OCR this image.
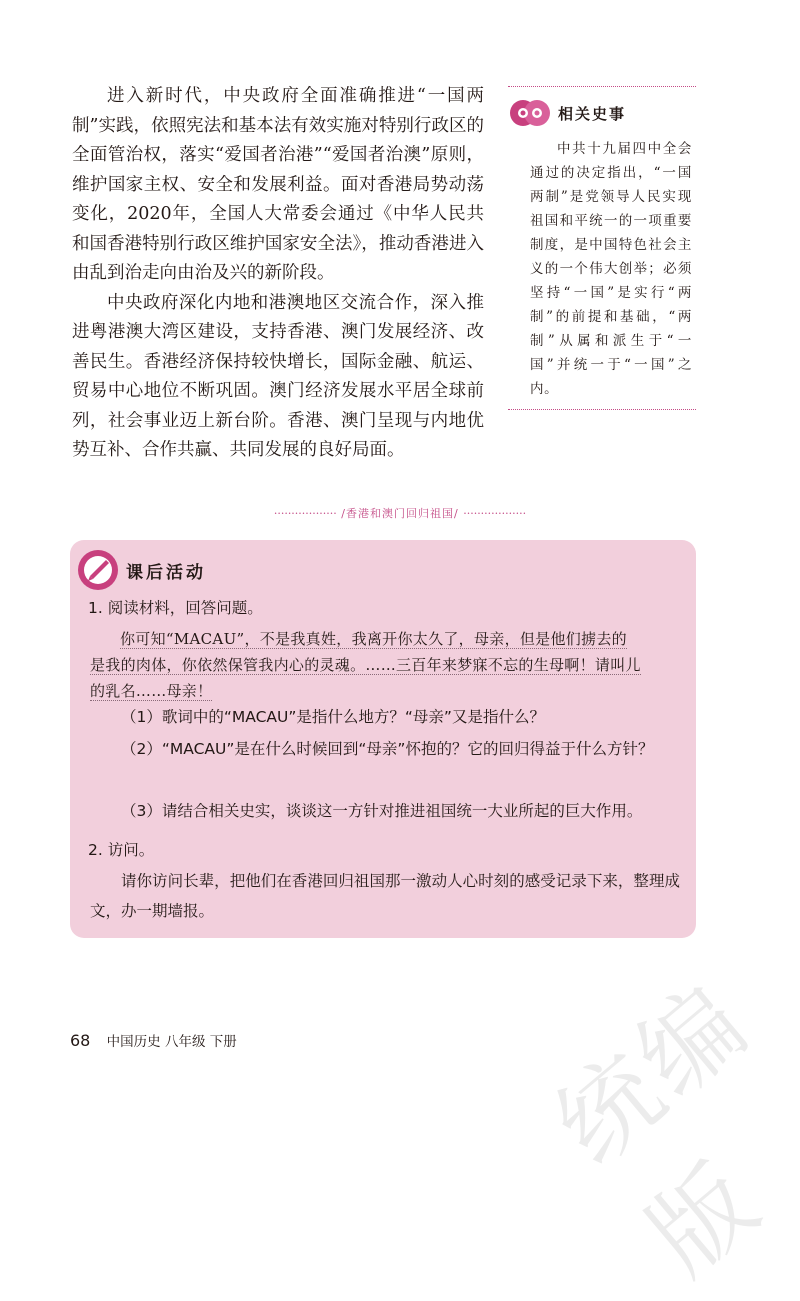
进入新时代，中央政府全面准确推进“一国两制”实践，依照宪法和基本法有效实施对特别行政区的全面管治权，落实“爱国者治港”“爱国者治澳”原则，维护国家主权、安全和发展利益。面对香港局势动荡变化，2020年，全国人大常委会通过《中华人民共和国香港特别行政区维护国家安全法》，推动香港进入由乱到治走向由治及兴的新阶段。

中央政府深化内地和港澳地区交流合作，深入推进粤港澳大湾区建设，支持香港、澳门发展经济、改善民生。香港经济保持较快增长，国际金融、航运、贸易中心地位不断巩固。澳门经济发展水平居全球前列，社会事业迈上新台阶。香港、澳门呈现与内地优势互补、合作共赢、共同发展的良好局面。

相关史事

中共十九届四中全会通过的决定指出，“一国两制”是党领导人民实现祖国和平统一的一项重要制度，是中国特色社会主义的一个伟大创举；必须坚持“一国”是实行“两制”的前提和基础，“两制”从属和派生于“一国”并统一于“一国”之内。

·················· /香港和澳门回归祖国/ ··················
课后活动
1. 阅读材料，回答问题。
你可知“MACAU”，不是我真姓，我离开你太久了，母亲，但是他们掳去的
是我的肉体，你依然保管我内心的灵魂。……三百年来梦寐不忘的生母啊！请叫儿
的乳名……母亲！
（1）歌词中的“MACAU”是指什么地方？“母亲”又是指什么？
（2）“MACAU”是在什么时候回到“母亲”怀抱的？它的回归得益于什么方针？
（3）请结合相关史实，谈谈这一方针对推进祖国统一大业所起的巨大作用。
2. 访问。
请你访问长辈，把他们在香港回归祖国那一激动人心时刻的感受记录下来，整理成文，办一期墙报。
统编版
68 中国历史 八年级 下册
